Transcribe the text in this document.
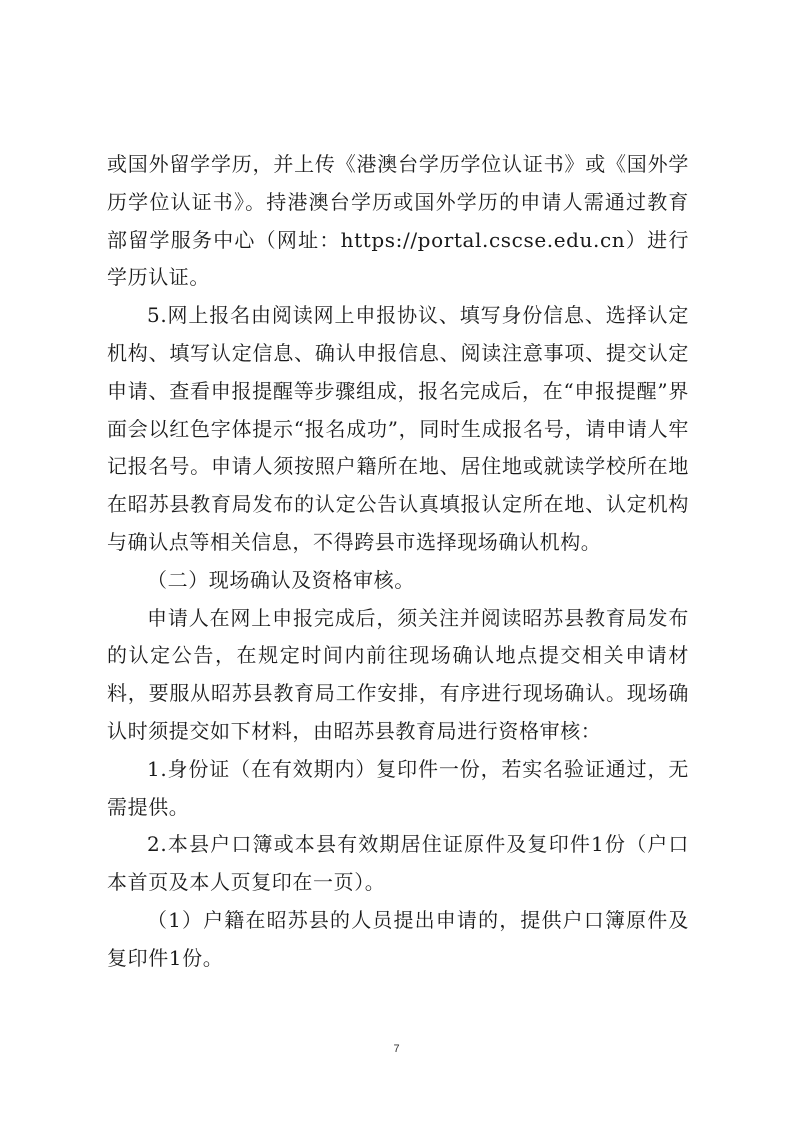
或国外留学学历，并上传《港澳台学历学位认证书》或《国外学历学位认证书》。持港澳台学历或国外学历的申请人需通过教育部留学服务中心（网址：https://portal.cscse.edu.cn）进行学历认证。

5.网上报名由阅读网上申报协议、填写身份信息、选择认定机构、填写认定信息、确认申报信息、阅读注意事项、提交认定申请、查看申报提醒等步骤组成，报名完成后，在“申报提醒”界面会以红色字体提示“报名成功”，同时生成报名号，请申请人牢记报名号。申请人须按照户籍所在地、居住地或就读学校所在地在昭苏县教育局发布的认定公告认真填报认定所在地、认定机构与确认点等相关信息，不得跨县市选择现场确认机构。

（二）现场确认及资格审核。

申请人在网上申报完成后，须关注并阅读昭苏县教育局发布的认定公告，在规定时间内前往现场确认地点提交相关申请材料，要服从昭苏县教育局工作安排，有序进行现场确认。现场确认时须提交如下材料，由昭苏县教育局进行资格审核：

1.身份证（在有效期内）复印件一份，若实名验证通过，无需提供。

2.本县户口簿或本县有效期居住证原件及复印件1份（户口本首页及本人页复印在一页）。

（1）户籍在昭苏县的人员提出申请的，提供户口簿原件及复印件1份。

7
